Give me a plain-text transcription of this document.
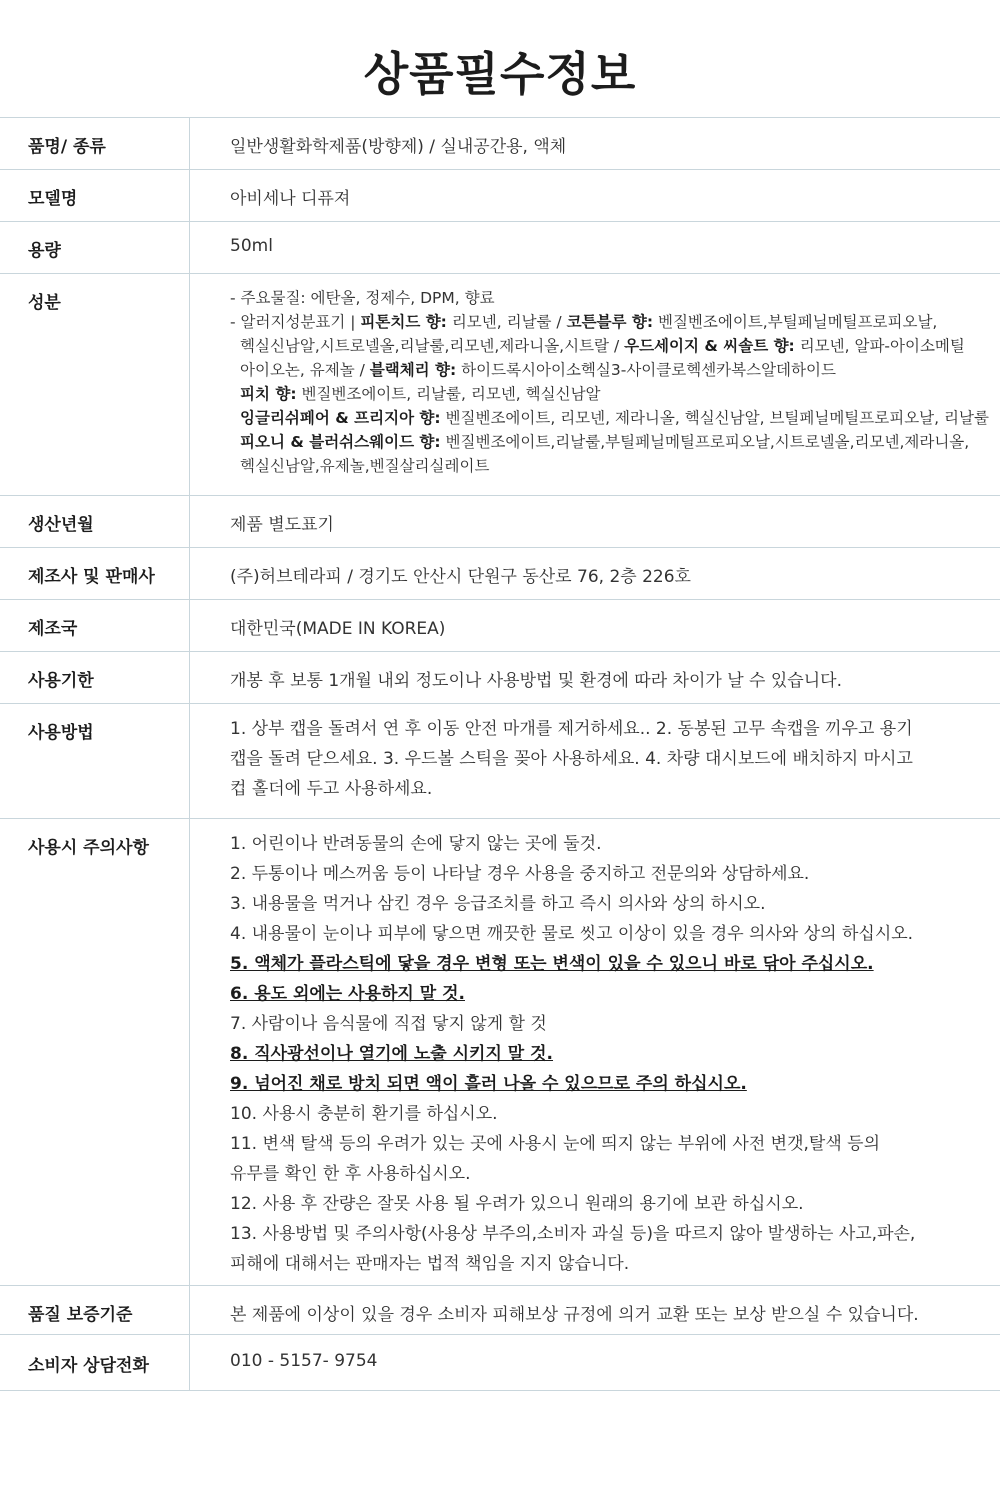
상품필수정보
품명/ 종류	일반생활화학제품(방향제) / 실내공간용, 액체
모델명	아비세나 디퓨져
용량	50ml
성분	- 주요물질: 에탄올, 정제수, DPM, 향료
- 알러지성분표기 | 피톤치드 향: 리모넨, 리날룰 / 코튼블루 향: 벤질벤조에이트,부틸페닐메틸프로피오날,
헥실신남알,시트로넬올,리날룰,리모넨,제라니올,시트랄 / 우드세이지 & 씨솔트 향: 리모넨, 알파-아이소메틸
아이오논, 유제놀 / 블랙체리 향: 하이드록시아이소헥실3-사이클로헥센카복스알데하이드
피치 향: 벤질벤조에이트, 리날룰, 리모넨, 헥실신남알
잉글리쉬페어 & 프리지아 향: 벤질벤조에이트, 리모넨, 제라니올, 헥실신남알, 브틸페닐메틸프로피오날, 리날룰
피오니 & 블러쉬스웨이드 향: 벤질벤조에이트,리날룰,부틸페닐메틸프로피오날,시트로넬올,리모넨,제라니올,
헥실신남알,유제놀,벤질살리실레이트
생산년월	제품 별도표기
제조사 및 판매사	(주)허브테라피 / 경기도 안산시 단원구 동산로 76, 2층 226호
제조국	대한민국(MADE IN KOREA)
사용기한	개봉 후 보통 1개월 내외 정도이나 사용방법 및 환경에 따라 차이가 날 수 있습니다.
사용방법	1. 상부 캡을 돌려서 연 후 이동 안전 마개를 제거하세요.. 2. 동봉된 고무 속캡을 끼우고 용기
캡을 돌려 닫으세요. 3. 우드볼 스틱을 꽂아 사용하세요. 4. 차량 대시보드에 배치하지 마시고
컵 홀더에 두고 사용하세요.
사용시 주의사항	1. 어린이나 반려동물의 손에 닿지 않는 곳에 둘것.
2. 두통이나 메스꺼움 등이 나타날 경우 사용을 중지하고 전문의와 상담하세요.
3. 내용물을 먹거나 삼킨 경우 응급조치를 하고 즉시 의사와 상의 하시오.
4. 내용물이 눈이나 피부에 닿으면 깨끗한 물로 씻고 이상이 있을 경우 의사와 상의 하십시오.
5. 액체가 플라스틱에 닿을 경우 변형 또는 변색이 있을 수 있으니 바로 닦아 주십시오.
6. 용도 외에는 사용하지 말 것.
7. 사람이나 음식물에 직접 닿지 않게 할 것
8. 직사광선이나 열기에 노출 시키지 말 것.
9. 넘어진 채로 방치 되면 액이 흘러 나올 수 있으므로 주의 하십시오.
10. 사용시 충분히 환기를 하십시오.
11. 변색 탈색 등의 우려가 있는 곳에 사용시 눈에 띄지 않는 부위에 사전 변갯,탈색 등의
유무를 확인 한 후 사용하십시오.
12. 사용 후 잔량은 잘못 사용 될 우려가 있으니 원래의 용기에 보관 하십시오.
13. 사용방법 및 주의사항(사용상 부주의,소비자 과실 등)을 따르지 않아 발생하는 사고,파손,
피해에 대해서는 판매자는 법적 책임을 지지 않습니다.
품질 보증기준	본 제품에 이상이 있을 경우 소비자 피해보상 규정에 의거 교환 또는 보상 받으실 수 있습니다.
소비자 상담전화	010 - 5157- 9754
